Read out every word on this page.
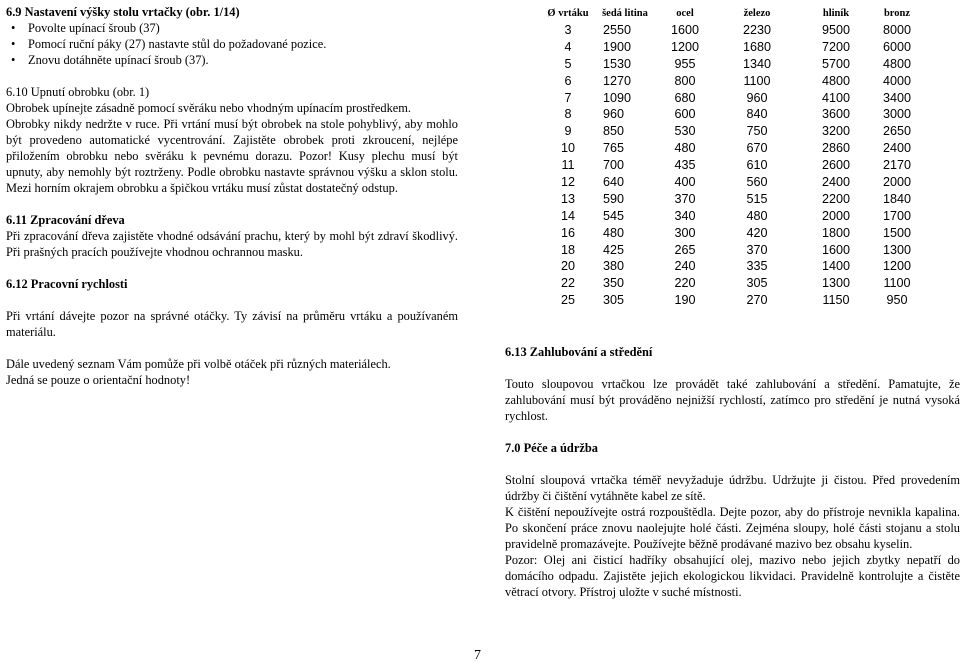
6.9 Nastavení výšky stolu vrtačky (obr. 1/14)

• Povolte upínací šroub (37)
• Pomocí ruční páky (27) nastavte stůl do požadované pozice.
• Znovu dotáhněte upínací šroub (37).

6.10 Upnutí obrobku (obr. 1)

Obrobek upínejte zásadně pomocí svěráku nebo vhodným upínacím prostředkem.

Obrobky nikdy nedržte v ruce. Při vrtání musí být obrobek na stole pohyblivý, aby mohlo být provedeno automatické vycentrování. Zajistěte obrobek proti zkroucení, nejlépe přiložením obrobku nebo svěráku k pevnému dorazu. Pozor! Kusy plechu musí být upnuty, aby nemohly být roztrženy. Podle obrobku nastavte správnou výšku a sklon stolu. Mezi horním okrajem obrobku a špičkou vrtáku musí zůstat dostatečný odstup.

6.11 Zpracování dřeva

Při zpracování dřeva zajistěte vhodné odsávání prachu, který by mohl být zdraví škodlivý. Při prašných pracích používejte vhodnou ochrannou masku.

6.12 Pracovní rychlosti

Při vrtání dávejte pozor na správné otáčky. Ty závisí na průměru vrtáku a používaném materiálu.

Dále uvedený seznam Vám pomůže při volbě otáček při různých materiálech.

Jedná se pouze o orientační hodnoty!

Ø vrtáku	šedá litina	ocel	železo	hliník	bronz
3	2550	1600	2230	9500	8000
4	1900	1200	1680	7200	6000
5	1530	955	1340	5700	4800
6	1270	800	1100	4800	4000
7	1090	680	960	4100	3400
8	960	600	840	3600	3000
9	850	530	750	3200	2650
10	765	480	670	2860	2400
11	700	435	610	2600	2170
12	640	400	560	2400	2000
13	590	370	515	2200	1840
14	545	340	480	2000	1700
16	480	300	420	1800	1500
18	425	265	370	1600	1300
20	380	240	335	1400	1200
22	350	220	305	1300	1100
25	305	190	270	1150	950

6.13 Zahlubování a středění

Touto sloupovou vrtačkou lze provádět také zahlubování a středění. Pamatujte, že zahlubování musí být prováděno nejnižší rychlostí, zatímco pro středění je nutná vysoká rychlost.

7.0 Péče a údržba

Stolní sloupová vrtačka téměř nevyžaduje údržbu. Udržujte ji čistou. Před provedením údržby či čištění vytáhněte kabel ze sítě.

K čištění nepoužívejte ostrá rozpouštědla. Dejte pozor, aby do přístroje nevnikla kapalina. Po skončení práce znovu naolejujte holé části. Zejména sloupy, holé části stojanu a stolu pravidelně promazávejte. Používejte běžně prodávané mazivo bez obsahu kyselin.

Pozor: Olej ani čisticí hadříky obsahující olej, mazivo nebo jejich zbytky nepatří do domácího odpadu. Zajistěte jejich ekologickou likvidaci. Pravidelně kontrolujte a čistěte větrací otvory. Přístroj uložte v suché místnosti.

7
